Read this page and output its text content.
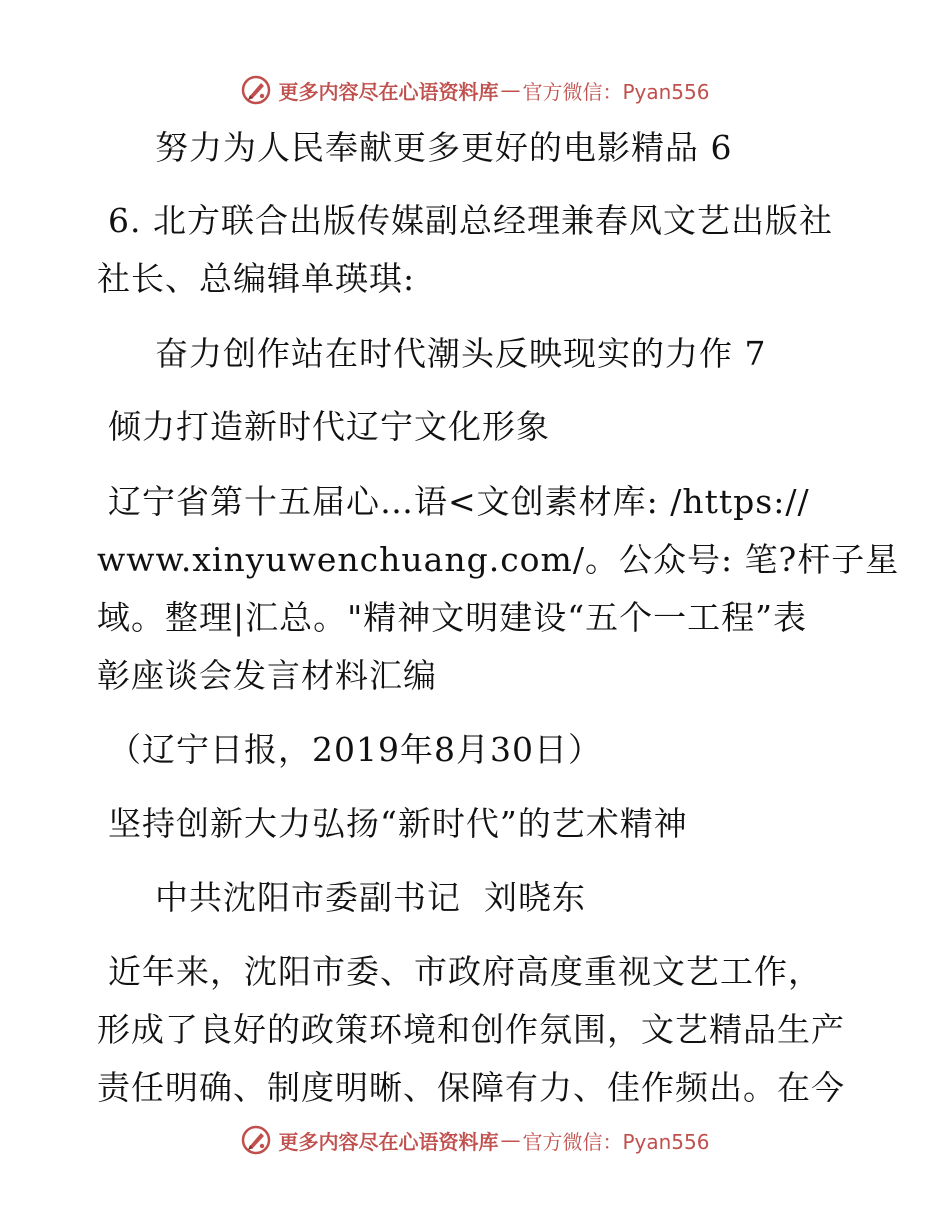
更多内容尽在心语资料库 — 官方微信：Pyan556
努力为人民奉献更多更好的电影精品 6
6. 北方联合出版传媒副总经理兼春风文艺出版社
社长、总编辑单瑛琪:
奋力创作站在时代潮头反映现实的力作 7
倾力打造新时代辽宁文化形象
辽宁省第十五届心…语<文创素材库: /https://
www.xinyuwenchuang.com/。公众号: 笔?杆子星
域。整理|汇总。"精神文明建设“五个一工程”表
彰座谈会发言材料汇编
（辽宁日报，2019年8月30日）
坚持创新大力弘扬“新时代”的艺术精神
中共沈阳市委副书记  刘晓东
近年来，沈阳市委、市政府高度重视文艺工作，
形成了良好的政策环境和创作氛围，文艺精品生产
责任明确、制度明晰、保障有力、佳作频出。在今
更多内容尽在心语资料库 — 官方微信：Pyan556
